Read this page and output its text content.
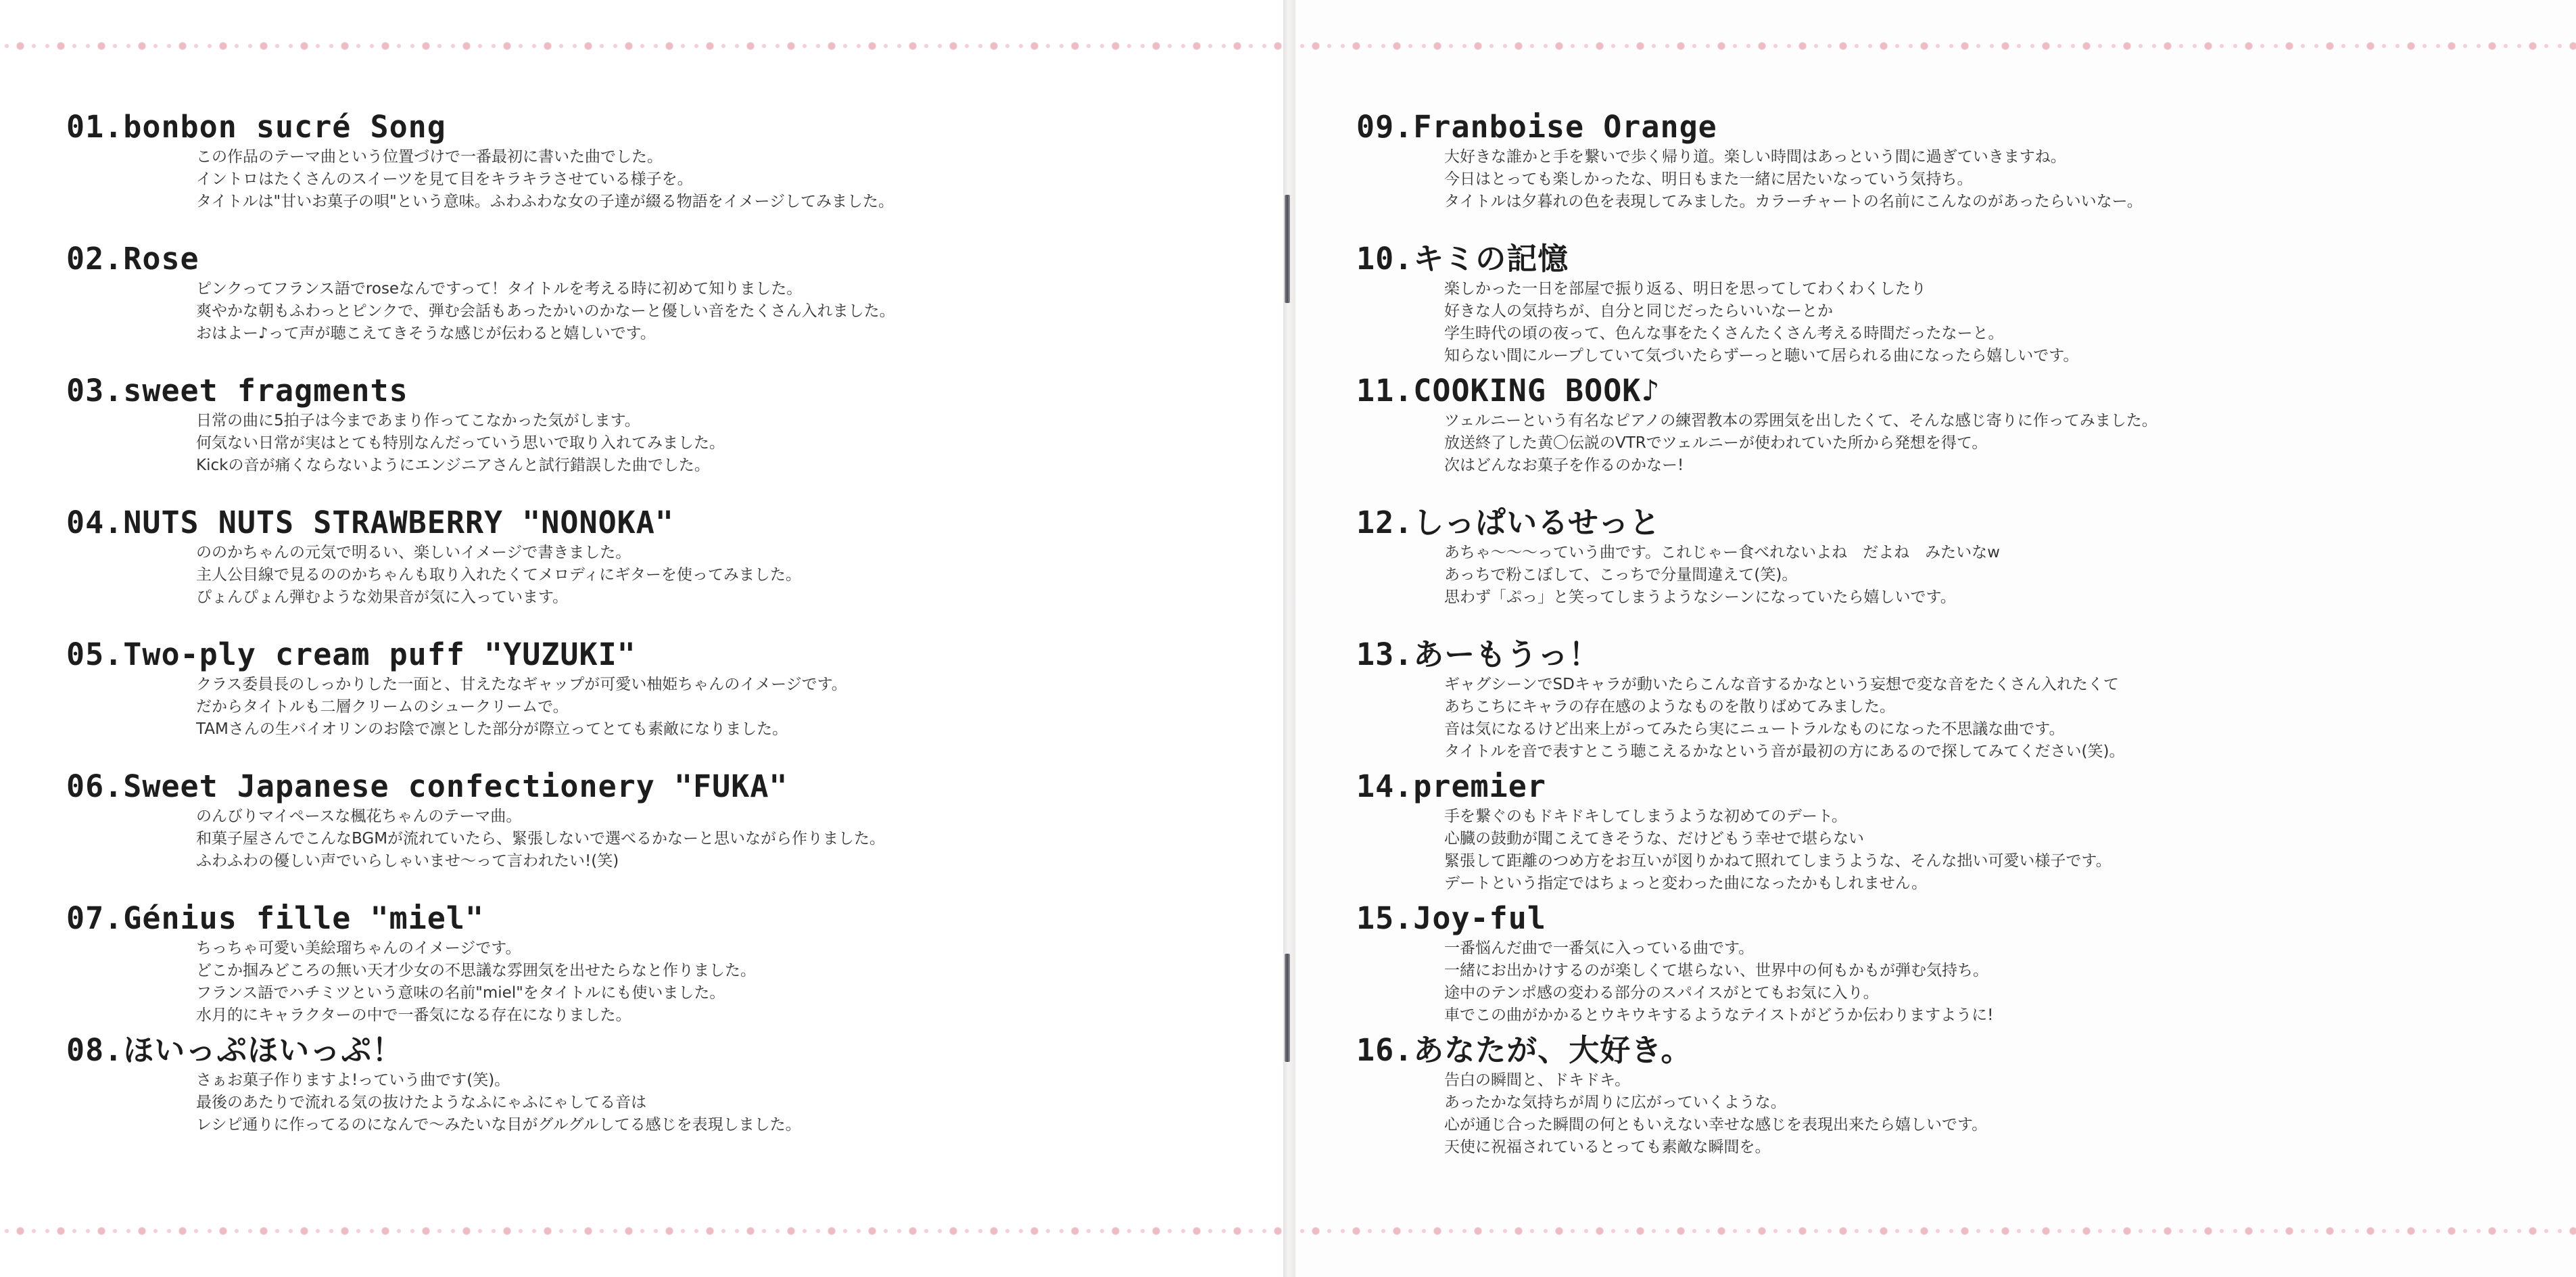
01.bonbon sucré Song
この作品のテーマ曲という位置づけで一番最初に書いた曲でした。
イントロはたくさんのスイーツを見て目をキラキラさせている様子を。
タイトルは"甘いお菓子の唄"という意味。ふわふわな女の子達が綴る物語をイメージしてみました。
02.Rose
ピンクってフランス語でroseなんですって！タイトルを考える時に初めて知りました。
爽やかな朝もふわっとピンクで、弾む会話もあったかいのかなーと優しい音をたくさん入れました。
おはよー♪って声が聴こえてきそうな感じが伝わると嬉しいです。
03.sweet fragments
日常の曲に5拍子は今まであまり作ってこなかった気がします。
何気ない日常が実はとても特別なんだっていう思いで取り入れてみました。
Kickの音が痛くならないようにエンジニアさんと試行錯誤した曲でした。
04.NUTS NUTS STRAWBERRY "NONOKA"
ののかちゃんの元気で明るい、楽しいイメージで書きました。
主人公目線で見るののかちゃんも取り入れたくてメロディにギターを使ってみました。
ぴょんぴょん弾むような効果音が気に入っています。
05.Two-ply cream puff "YUZUKI"
クラス委員長のしっかりした一面と、甘えたなギャップが可愛い柚姫ちゃんのイメージです。
だからタイトルも二層クリームのシュークリームで。
TAMさんの生バイオリンのお陰で凛とした部分が際立ってとても素敵になりました。
06.Sweet Japanese confectionery "FUKA"
のんびりマイペースな楓花ちゃんのテーマ曲。
和菓子屋さんでこんなBGMが流れていたら、緊張しないで選べるかなーと思いながら作りました。
ふわふわの優しい声でいらしゃいませ〜って言われたい!(笑)
07.Génius fille "miel"
ちっちゃ可愛い美絵瑠ちゃんのイメージです。
どこか掴みどころの無い天才少女の不思議な雰囲気を出せたらなと作りました。
フランス語でハチミツという意味の名前"miel"をタイトルにも使いました。
水月的にキャラクターの中で一番気になる存在になりました。
08.ほいっぷほいっぷ！
さぁお菓子作りますよ!っていう曲です(笑)。
最後のあたりで流れる気の抜けたようなふにゃふにゃしてる音は
レシピ通りに作ってるのになんで〜みたいな目がグルグルしてる感じを表現しました。
09.Franboise Orange
大好きな誰かと手を繋いで歩く帰り道。楽しい時間はあっという間に過ぎていきますね。
今日はとっても楽しかったな、明日もまた一緒に居たいなっていう気持ち。
タイトルは夕暮れの色を表現してみました。カラーチャートの名前にこんなのがあったらいいなー。
10.キミの記憶
楽しかった一日を部屋で振り返る、明日を思ってしてわくわくしたり
好きな人の気持ちが、自分と同じだったらいいなーとか
学生時代の頃の夜って、色んな事をたくさんたくさん考える時間だったなーと。
知らない間にループしていて気づいたらずーっと聴いて居られる曲になったら嬉しいです。
11.COOKING BOOK♪
ツェルニーという有名なピアノの練習教本の雰囲気を出したくて、そんな感じ寄りに作ってみました。
放送終了した黄〇伝説のVTRでツェルニーが使われていた所から発想を得て。
次はどんなお菓子を作るのかなー!
12.しっぱいるせっと
あちゃ〜〜〜っていう曲です。これじゃー食べれないよね　だよね　みたいなw
あっちで粉こぼして、こっちで分量間違えて(笑)。
思わず「ぷっ」と笑ってしまうようなシーンになっていたら嬉しいです。
13.あーもうっ！
ギャグシーンでSDキャラが動いたらこんな音するかなという妄想で変な音をたくさん入れたくて
あちこちにキャラの存在感のようなものを散りばめてみました。
音は気になるけど出来上がってみたら実にニュートラルなものになった不思議な曲です。
タイトルを音で表すとこう聴こえるかなという音が最初の方にあるので探してみてください(笑)。
14.premier
手を繋ぐのもドキドキしてしまうような初めてのデート。
心臓の鼓動が聞こえてきそうな、だけどもう幸せで堪らない
緊張して距離のつめ方をお互いが図りかねて照れてしまうような、そんな拙い可愛い様子です。
デートという指定ではちょっと変わった曲になったかもしれません。
15.Joy-ful
一番悩んだ曲で一番気に入っている曲です。
一緒にお出かけするのが楽しくて堪らない、世界中の何もかもが弾む気持ち。
途中のテンポ感の変わる部分のスパイスがとてもお気に入り。
車でこの曲がかかるとウキウキするようなテイストがどうか伝わりますように!
16.あなたが、大好き。
告白の瞬間と、ドキドキ。
あったかな気持ちが周りに広がっていくような。
心が通じ合った瞬間の何ともいえない幸せな感じを表現出来たら嬉しいです。
天使に祝福されているとっても素敵な瞬間を。
